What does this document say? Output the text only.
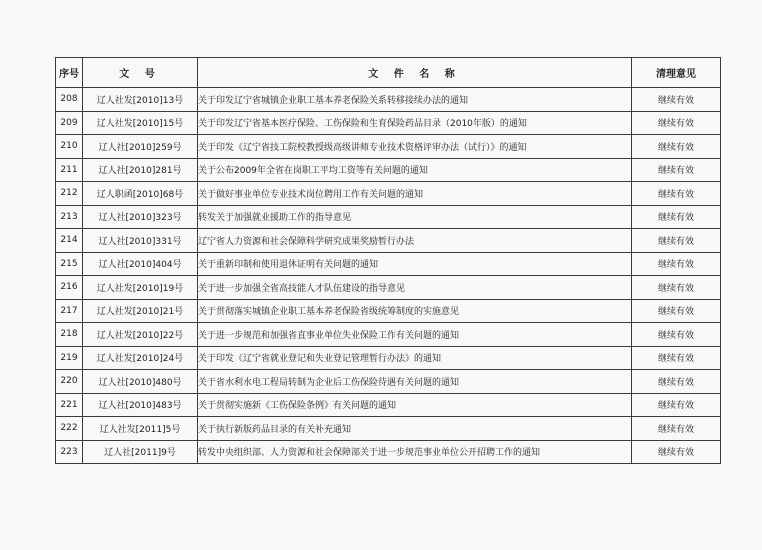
序号	文 号	文 件 名 称	清理意见
208	辽人社发[2010]13号	关于印发辽宁省城镇企业职工基本养老保险关系转移接续办法的通知	继续有效
209	辽人社发[2010]15号	关于印发辽宁省基本医疗保险、工伤保险和生育保险药品目录（2010年版）的通知	继续有效
210	辽人社[2010]259号	关于印发《辽宁省技工院校教授级高级讲师专业技术资格评审办法（试行）》的通知	继续有效
211	辽人社[2010]281号	关于公布2009年全省在岗职工平均工资等有关问题的通知	继续有效
212	辽人职函[2010]68号	关于做好事业单位专业技术岗位聘用工作有关问题的通知	继续有效
213	辽人社[2010]323号	转发关于加强就业援助工作的指导意见	继续有效
214	辽人社[2010]331号	辽宁省人力资源和社会保障科学研究成果奖励暂行办法	继续有效
215	辽人社[2010]404号	关于重新印制和使用退休证明有关问题的通知	继续有效
216	辽人社发[2010]19号	关于进一步加强全省高技能人才队伍建设的指导意见	继续有效
217	辽人社发[2010]21号	关于贯彻落实城镇企业职工基本养老保险省级统筹制度的实施意见	继续有效
218	辽人社发[2010]22号	关于进一步规范和加强省直事业单位失业保险工作有关问题的通知	继续有效
219	辽人社发[2010]24号	关于印发《辽宁省就业登记和失业登记管理暂行办法》的通知	继续有效
220	辽人社[2010]480号	关于省水利水电工程局转制为企业后工伤保险待遇有关问题的通知	继续有效
221	辽人社[2010]483号	关于贯彻实施新《工伤保险条例》有关问题的通知	继续有效
222	辽人社发[2011]5号	关于执行新版药品目录的有关补充通知	继续有效
223	辽人社[2011]9号	转发中央组织部、人力资源和社会保障部关于进一步规范事业单位公开招聘工作的通知	继续有效
